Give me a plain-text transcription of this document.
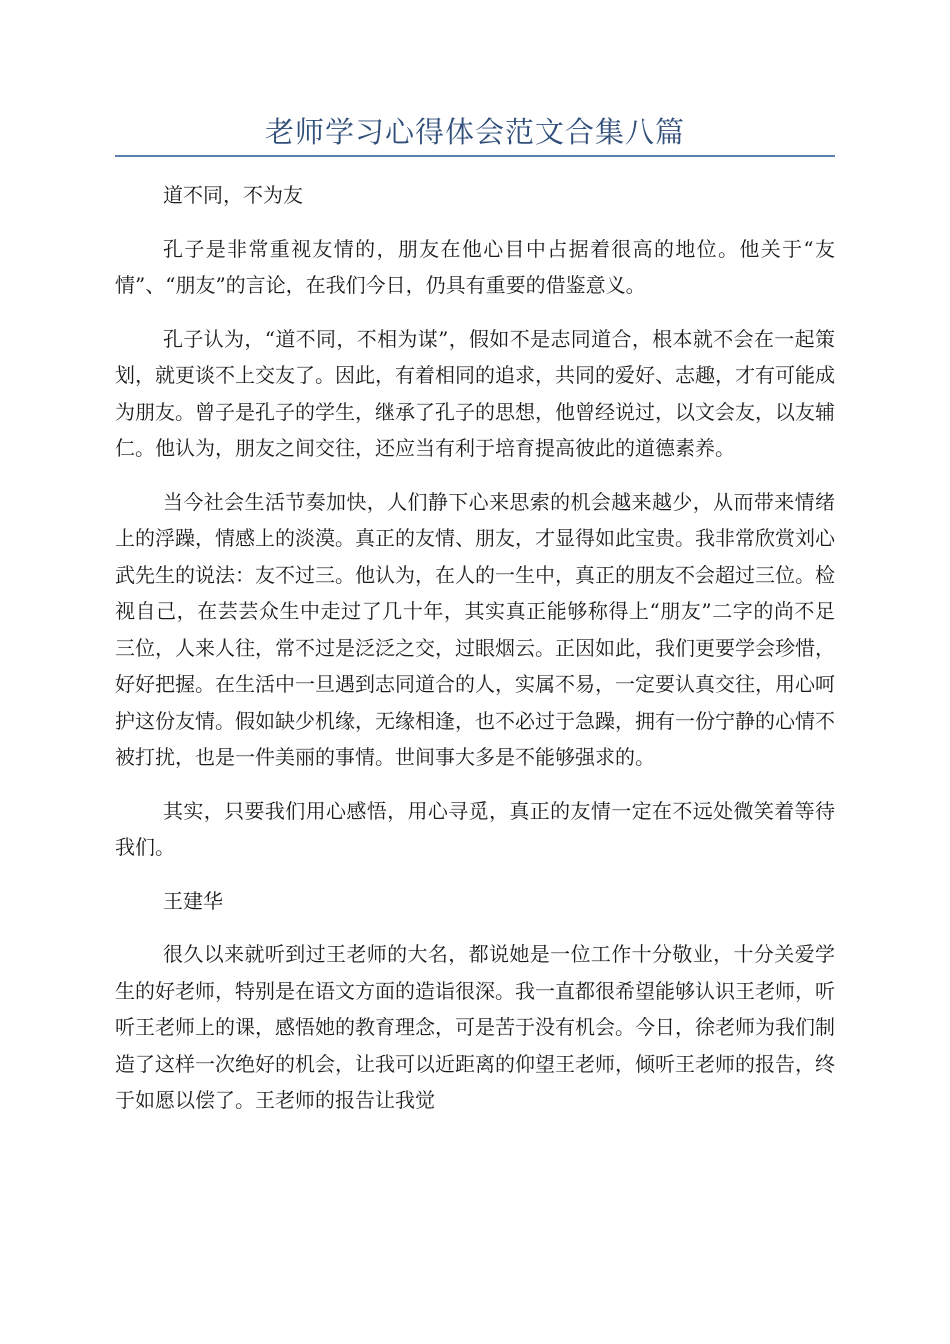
老师学习心得体会范文合集八篇

道不同，不为友

孔子是非常重视友情的，朋友在他心目中占据着很高的地位。他关于“友情”、“朋友”的言论，在我们今日，仍具有重要的借鉴意义。

孔子认为，“道不同，不相为谋”，假如不是志同道合，根本就不会在一起策划，就更谈不上交友了。因此，有着相同的追求，共同的爱好、志趣，才有可能成为朋友。曾子是孔子的学生，继承了孔子的思想，他曾经说过，以文会友，以友辅仁。他认为，朋友之间交往，还应当有利于培育提高彼此的道德素养。

当今社会生活节奏加快，人们静下心来思索的机会越来越少，从而带来情绪上的浮躁，情感上的淡漠。真正的友情、朋友，才显得如此宝贵。我非常欣赏刘心武先生的说法：友不过三。他认为，在人的一生中，真正的朋友不会超过三位。检视自己，在芸芸众生中走过了几十年，其实真正能够称得上“朋友”二字的尚不足三位，人来人往，常不过是泛泛之交，过眼烟云。正因如此，我们更要学会珍惜，好好把握。在生活中一旦遇到志同道合的人，实属不易，一定要认真交往，用心呵护这份友情。假如缺少机缘，无缘相逢，也不必过于急躁，拥有一份宁静的心情不被打扰，也是一件美丽的事情。世间事大多是不能够强求的。

其实，只要我们用心感悟，用心寻觅，真正的友情一定在不远处微笑着等待我们。

王建华

很久以来就听到过王老师的大名，都说她是一位工作十分敬业，十分关爱学生的好老师，特别是在语文方面的造诣很深。我一直都很希望能够认识王老师，听听王老师上的课，感悟她的教育理念，可是苦于没有机会。今日，徐老师为我们制造了这样一次绝好的机会，让我可以近距离的仰望王老师，倾听王老师的报告，终于如愿以偿了。王老师的报告让我觉
